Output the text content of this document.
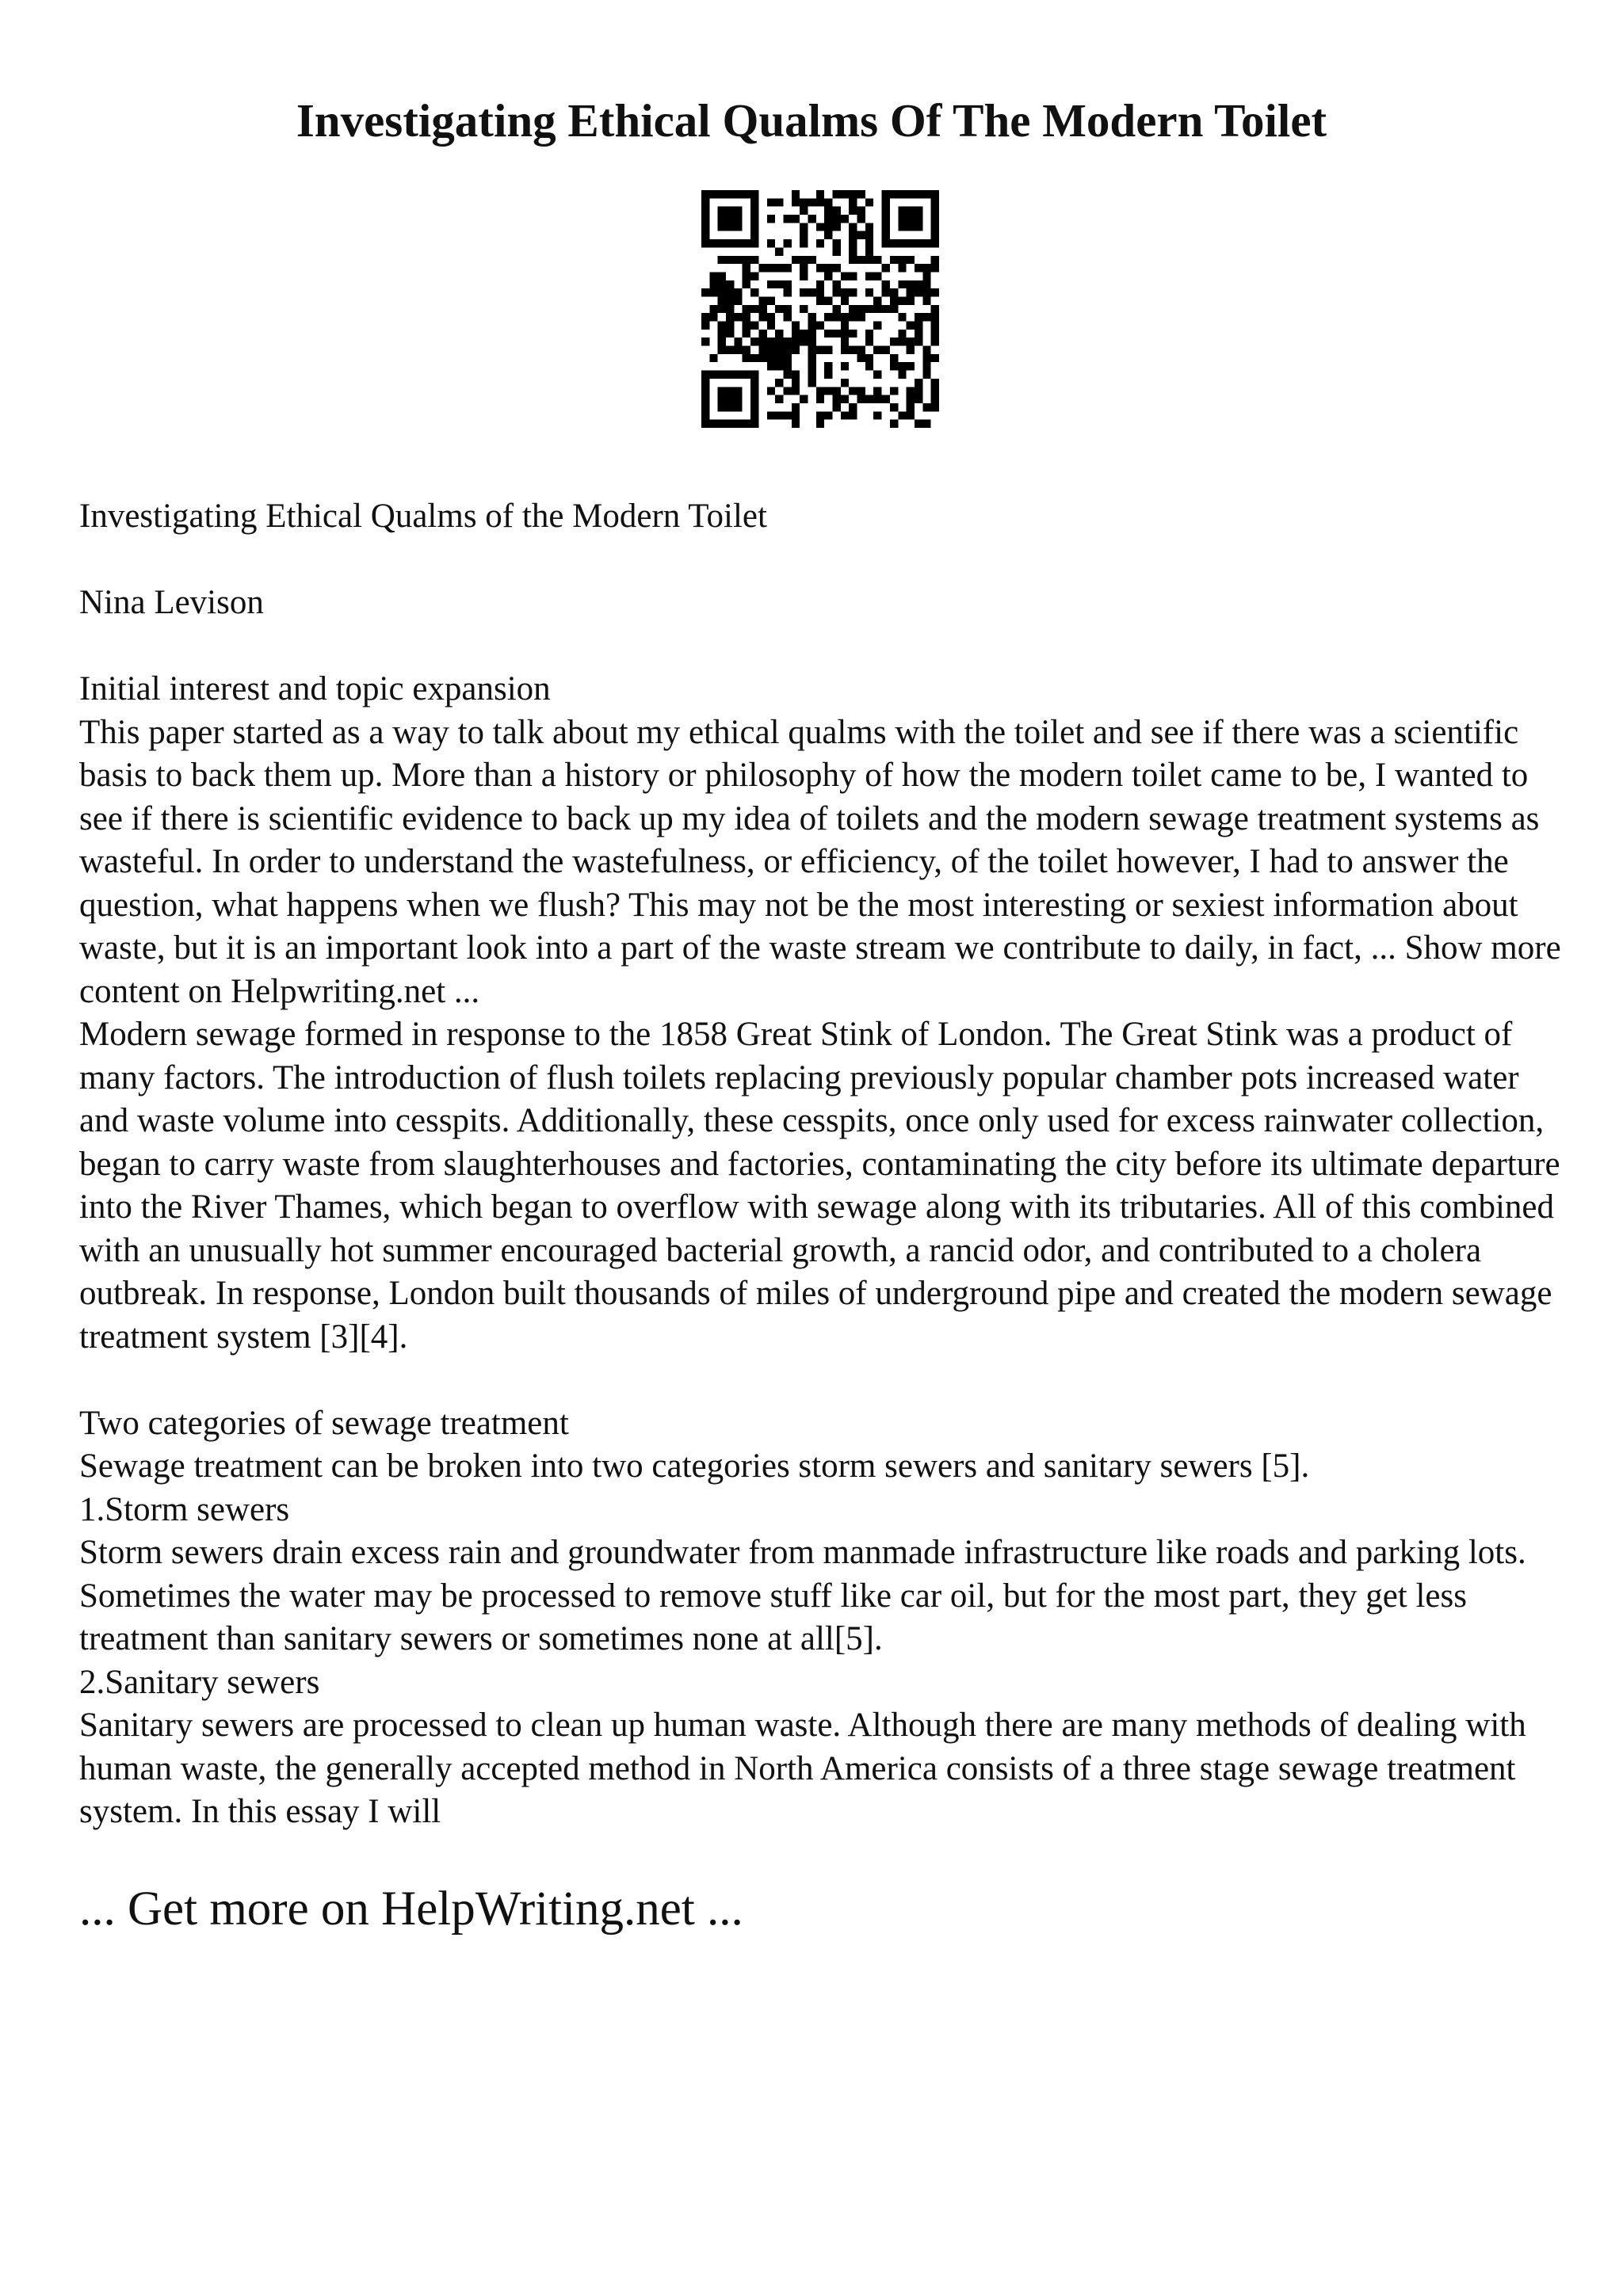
Investigating Ethical Qualms Of The Modern Toilet

Investigating Ethical Qualms of the Modern Toilet

Nina Levison

Initial interest and topic expansion

This paper started as a way to talk about my ethical qualms with the toilet and see if there was a scientific basis to back them up. More than a history or philosophy of how the modern toilet came to be, I wanted to see if there is scientific evidence to back up my idea of toilets and the modern sewage treatment systems as wasteful. In order to understand the wastefulness, or efficiency, of the toilet however, I had to answer the question, what happens when we flush? This may not be the most interesting or sexiest information about waste, but it is an important look into a part of the waste stream we contribute to daily, in fact, ... Show more content on Helpwriting.net ...

Modern sewage formed in response to the 1858 Great Stink of London. The Great Stink was a product of many factors. The introduction of flush toilets replacing previously popular chamber pots increased water and waste volume into cesspits. Additionally, these cesspits, once only used for excess rainwater collection, began to carry waste from slaughterhouses and factories, contaminating the city before its ultimate departure into the River Thames, which began to overflow with sewage along with its tributaries. All of this combined with an unusually hot summer encouraged bacterial growth, a rancid odor, and contributed to a cholera outbreak. In response, London built thousands of miles of underground pipe and created the modern sewage treatment system [3][4].

Two categories of sewage treatment

Sewage treatment can be broken into two categories storm sewers and sanitary sewers [5].

1.Storm sewers

Storm sewers drain excess rain and groundwater from manmade infrastructure like roads and parking lots. Sometimes the water may be processed to remove stuff like car oil, but for the most part, they get less treatment than sanitary sewers or sometimes none at all[5].

2.Sanitary sewers

Sanitary sewers are processed to clean up human waste. Although there are many methods of dealing with human waste, the generally accepted method in North America consists of a three stage sewage treatment system. In this essay I will

... Get more on HelpWriting.net ...
